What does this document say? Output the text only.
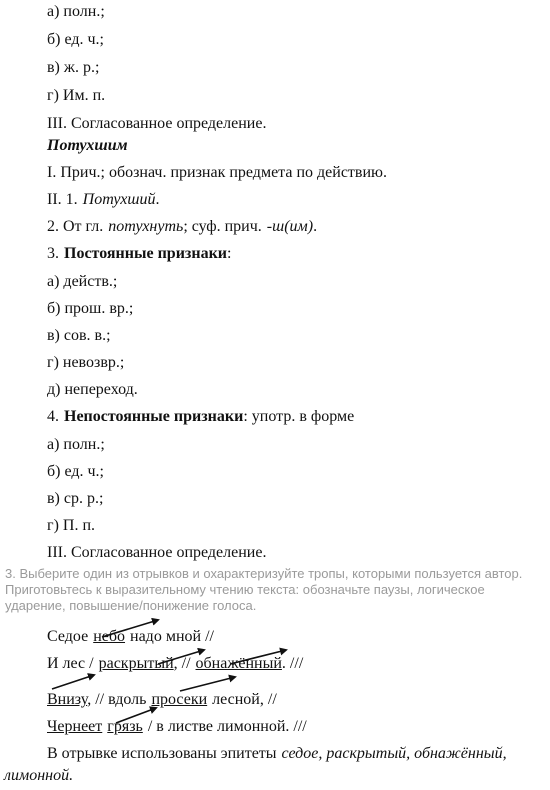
а) полн.;
б) ед. ч.;
в) ж. р.;
г) Им. п.
III. Согласованное определение.
Потухшим
I. Прич.; обознач. признак предмета по действию.
II. 1. Потухший.
2. От гл. потухнуть; суф. прич. -ш(им).
3. Постоянные признаки:
а) действ.;
б) прош. вр.;
в) сов. в.;
г) невозвр.;
д) непереход.
4. Непостоянные признаки: употр. в форме
а) полн.;
б) ед. ч.;
в) ср. р.;
г) П. п.
III. Согласованное определение.
3. Выберите один из отрывков и охарактеризуйте тропы, которыми пользуется автор. Приготовьтесь к выразительному чтению текста: обозначьте паузы, логическое ударение, повышение/понижение голоса.
Седое небо надо мной //
И лес / раскрытый, // обнажённый. ///
Внизу, // вдоль просеки лесной, //
Чернеет грязь / в листве лимонной. ///
В отрывке использованы эпитеты седое, раскрытый, обнажённый, лимонной.
